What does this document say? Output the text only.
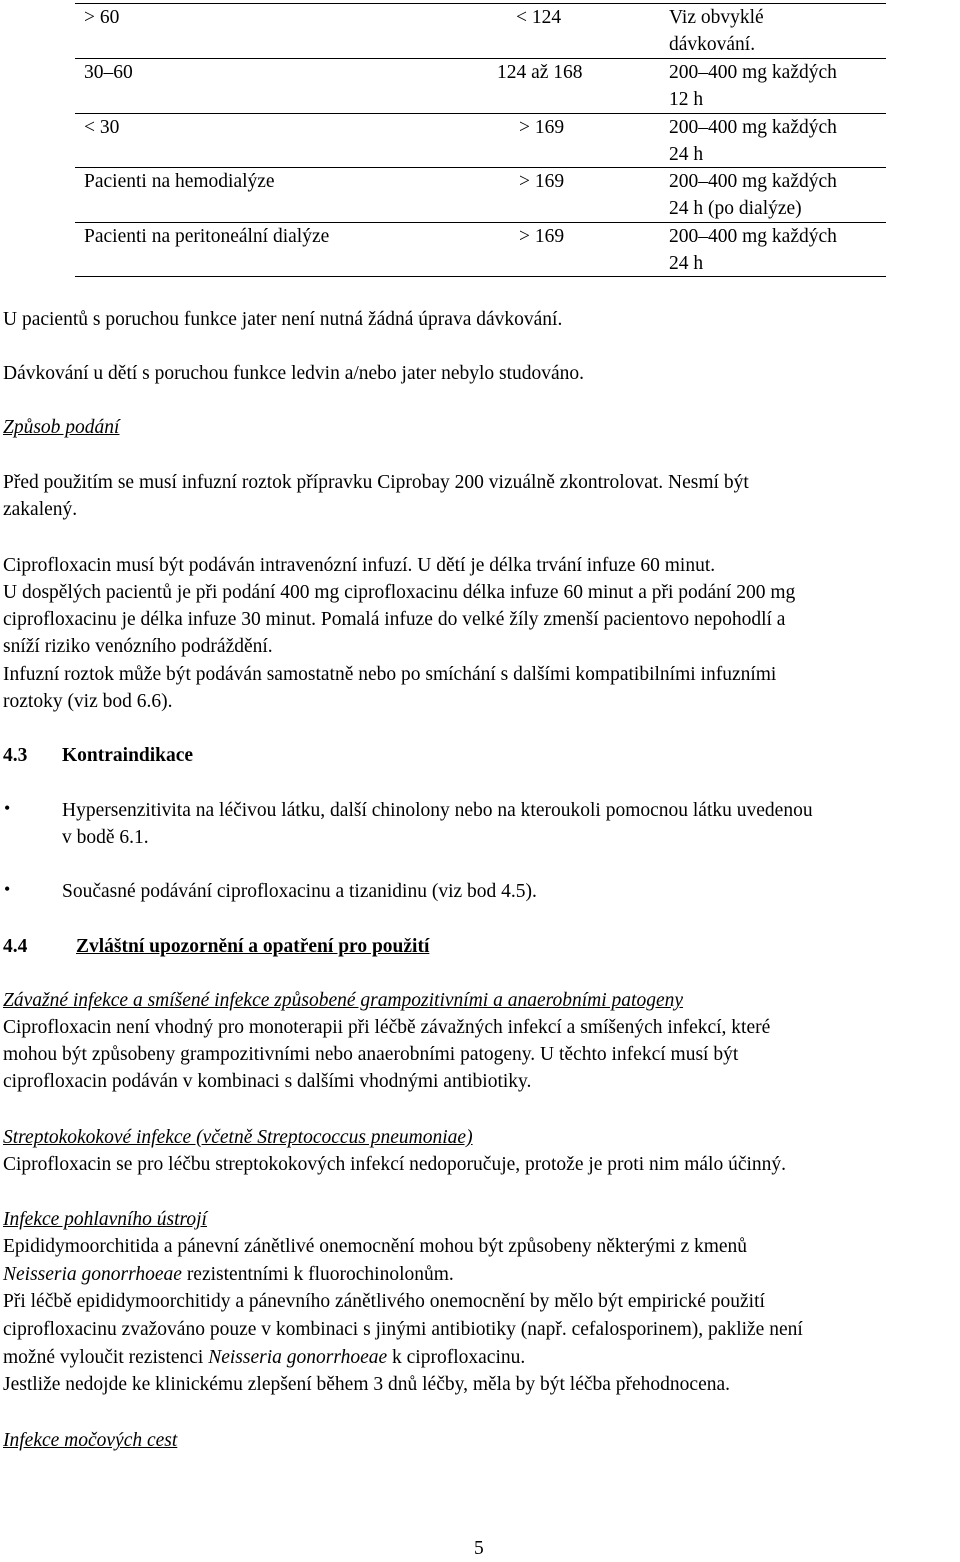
> 60	< 124	Viz obvyklé
dávkování.
30–60	124 až 168	200–400 mg každých
12 h
< 30	> 169	200–400 mg každých
24 h
Pacienti na hemodialýze	> 169	200–400 mg každých
24 h (po dialýze)
Pacienti na peritoneální dialýze	> 169	200–400 mg každých
24 h
U pacientů s poruchou funkce jater není nutná žádná úprava dávkování.
Dávkování u dětí s poruchou funkce ledvin a/nebo jater nebylo studováno.
Způsob podání
Před použitím se musí infuzní roztok přípravku Ciprobay 200 vizuálně zkontrolovat. Nesmí být
zakalený.
Ciprofloxacin musí být podáván intravenózní infuzí. U dětí je délka trvání infuze 60 minut.
U dospělých pacientů je při podání 400 mg ciprofloxacinu délka infuze 60 minut a při podání 200 mg
ciprofloxacinu je délka infuze 30 minut. Pomalá infuze do velké žíly zmenší pacientovo nepohodlí a
sníží riziko venózního podráždění.
Infuzní roztok může být podáván samostatně nebo po smíchání s dalšími kompatibilními infuzními
roztoky (viz bod 6.6).
4.3 Kontraindikace
•	Hypersenzitivita na léčivou látku, další chinolony nebo na kteroukoli pomocnou látku uvedenou
v bodě 6.1.
•	Současné podávání ciprofloxacinu a tizanidinu (viz bod 4.5).
4.4 Zvláštní upozornění a opatření pro použití
Závažné infekce a smíšené infekce způsobené grampozitivními a anaerobními patogeny
Ciprofloxacin není vhodný pro monoterapii při léčbě závažných infekcí a smíšených infekcí, které
mohou být způsobeny grampozitivními nebo anaerobními patogeny. U těchto infekcí musí být
ciprofloxacin podáván v kombinaci s dalšími vhodnými antibiotiky.
Streptokokokové infekce (včetně Streptococcus pneumoniae)
Ciprofloxacin se pro léčbu streptokokových infekcí nedoporučuje, protože je proti nim málo účinný.
Infekce pohlavního ústrojí
Epididymoorchitida a pánevní zánětlivé onemocnění mohou být způsobeny některými z kmenů
Neisseria gonorrhoeae rezistentními k fluorochinolonům.
Při léčbě epididymoorchitidy a pánevního zánětlivého onemocnění by mělo být empirické použití
ciprofloxacinu zvažováno pouze v kombinaci s jinými antibiotiky (např. cefalosporinem), pakliže není
možné vyloučit rezistenci Neisseria gonorrhoeae k ciprofloxacinu.
Jestliže nedojde ke klinickému zlepšení během 3 dnů léčby, měla by být léčba přehodnocena.
Infekce močových cest
5
